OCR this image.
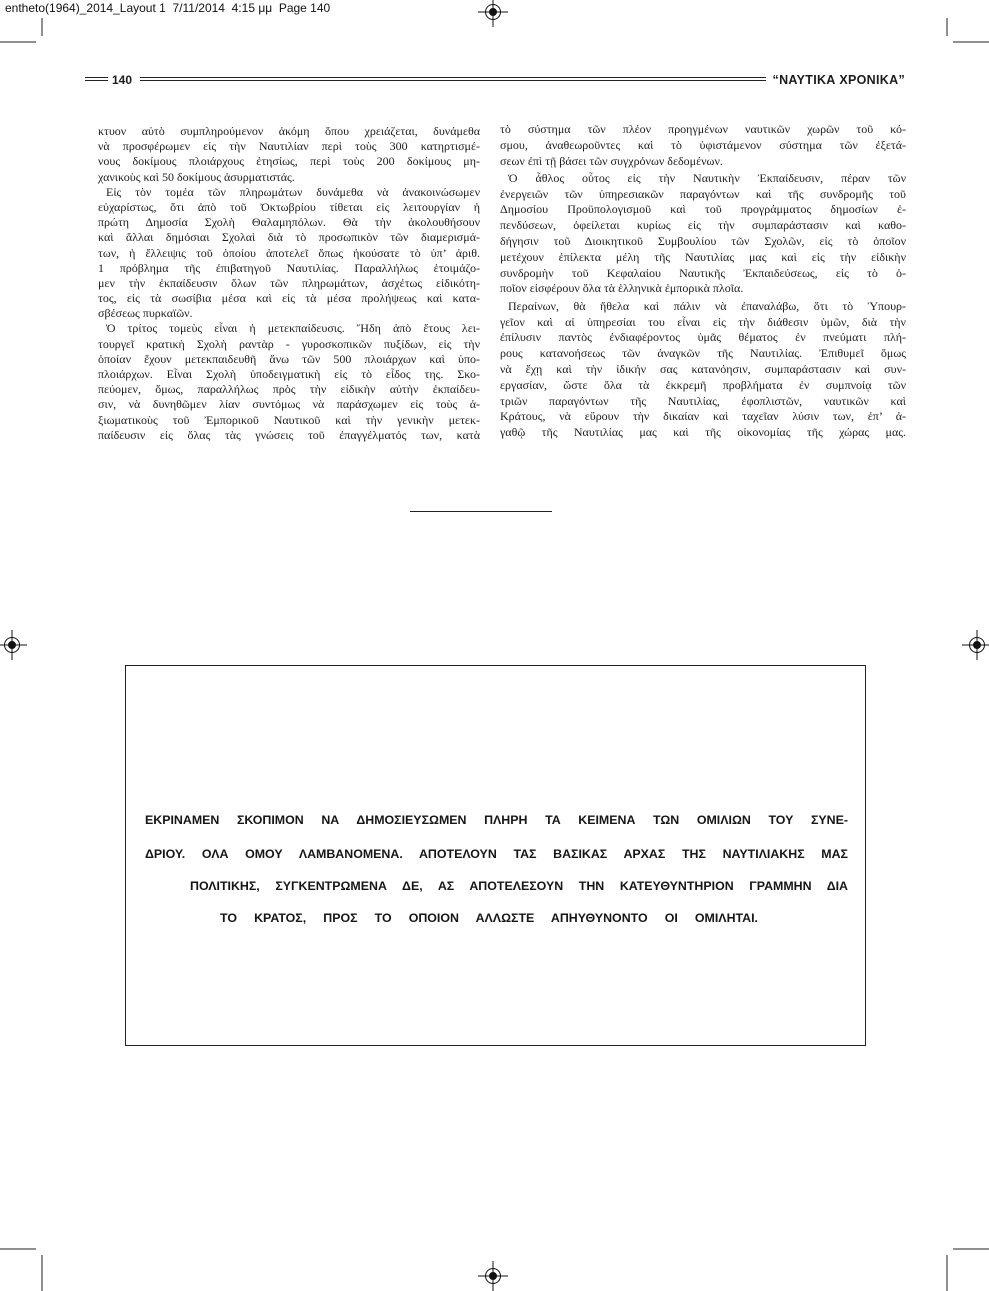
entheto(1964)_2014_Layout 1  7/11/2014  4:15 μμ  Page 140
140	“ΝΑΥΤΙΚΑ ΧΡΟΝΙΚΑ”
κτυον αὐτὸ συμπληρούμενον ἀκόμη ὅπου χρειάζεται, δυνάμεθα
νὰ προσφέρωμεν εἰς τὴν Ναυτιλίαν περὶ τοὺς 300 κατηρτισμέ-
νους δοκίμους πλοιάρχους ἐτησίως, περὶ τοὺς 200 δοκίμους μη-
χανικοὺς καὶ 50 δοκίμους ἀσυρματιστάς.
Εἰς τὸν τομέα τῶν πληρωμάτων δυνάμεθα νὰ ἀνακοινώσωμεν
εὐχαρίστως, ὅτι ἀπὸ τοῦ Ὀκτωβρίου τίθεται εἰς λειτουργίαν ἡ
πρώτη Δημοσία Σχολὴ Θαλαμηπόλων. Θὰ τὴν ἀκολουθήσουν
καὶ ἄλλαι δημόσιαι Σχολαὶ διὰ τὸ προσωπικὸν τῶν διαμερισμά-
των, ἡ ἔλλειψις τοῦ ὁποίου ἀποτελεῖ ὅπως ἠκούσατε τὸ ὑπ’ ἀριθ.
1 πρόβλημα τῆς ἐπιβατηγοῦ Ναυτιλίας. Παραλλήλως ἑτοιμάζο-
μεν τὴν ἐκπαίδευσιν ὅλων τῶν πληρωμάτων, ἀσχέτως εἰδικότη-
τος, εἰς τὰ σωσίβια μέσα καὶ εἰς τὰ μέσα προλήψεως καὶ κατα-
σβέσεως πυρκαϊῶν.
Ὁ τρίτος τομεὺς εἶναι ἡ μετεκπαίδευσις. Ἤδη ἀπὸ ἔτους λει-
τουργεῖ κρατικὴ Σχολὴ ραντὰρ - γυροσκοπικῶν πυξίδων, εἰς τὴν
ὁποίαν ἔχουν μετεκπαιδευθῆ ἄνω τῶν 500 πλοιάρχων καὶ ὑπο-
πλοιάρχων. Εἶναι Σχολὴ ὑποδειγματικὴ εἰς τὸ εἶδος της. Σκο-
πεύομεν, ὅμως, παραλλήλως πρὸς τὴν εἰδικὴν αὐτὴν ἐκπαίδευ-
σιν, νὰ δυνηθῶμεν λίαν συντόμως νὰ παράσχωμεν εἰς τοὺς ἀ-
ξιωματικοὺς τοῦ Ἐμπορικοῦ Ναυτικοῦ καὶ τὴν γενικὴν μετεκ-
παίδευσιν εἰς ὅλας τὰς γνώσεις τοῦ ἐπαγγέλματός των, κατὰ
τὸ σύστημα τῶν πλέον προηγμένων ναυτικῶν χωρῶν τοῦ κό-
σμου, ἀναθεωροῦντες καὶ τὸ ὑφιστάμενον σύστημα τῶν ἐξετά-
σεων ἐπὶ τῇ βάσει τῶν συγχρόνων δεδομένων.
Ὁ ἆθλος οὗτος εἰς τὴν Ναυτικὴν Ἐκπαίδευσιν, πέραν τῶν
ἐνεργειῶν τῶν ὑπηρεσιακῶν παραγόντων καὶ τῆς συνδρομῆς τοῦ
Δημοσίου Προϋπολογισμοῦ καὶ τοῦ προγράμματος δημοσίων ἐ-
πενδύσεων, ὀφείλεται κυρίως εἰς τὴν συμπαράστασιν καὶ καθο-
δήγησιν τοῦ Διοικητικοῦ Συμβουλίου τῶν Σχολῶν, εἰς τὸ ὁποῖον
μετέχουν ἐπίλεκτα μέλη τῆς Ναυτιλίας μας καὶ εἰς τὴν εἰδικὴν
συνδρομὴν τοῦ Κεφαλαίου Ναυτικῆς Ἐκπαιδεύσεως, εἰς τὸ ὁ-
ποῖον εἰσφέρουν ὅλα τὰ ἑλληνικὰ ἐμπορικὰ πλοῖα.
Περαίνων, θὰ ἤθελα καὶ πάλιν νὰ ἐπαναλάβω, ὅτι τὸ Ὑπουρ-
γεῖον καὶ αἱ ὑπηρεσίαι του εἶναι εἰς τὴν διάθεσιν ὑμῶν, διὰ τὴν
ἐπίλυσιν παντὸς ἐνδιαφέροντος ὑμᾶς θέματος ἐν πνεύματι πλή-
ρους κατανοήσεως τῶν ἀναγκῶν τῆς Ναυτιλίας. Ἐπιθυμεῖ ὅμως
νὰ ἔχῃ καὶ τὴν ἰδικήν σας κατανόησιν, συμπαράστασιν καὶ συν-
εργασίαν, ὥστε ὅλα τὰ ἐκκρεμῆ προβλήματα ἐν συμπνοίᾳ τῶν
τριῶν παραγόντων τῆς Ναυτιλίας, ἐφοπλιστῶν, ναυτικῶν καὶ
Κράτους, νὰ εὕρουν τὴν δικαίαν καὶ ταχεῖαν λύσιν των, ἐπ’ ἀ-
γαθῷ τῆς Ναυτιλίας μας καὶ τῆς οἰκονομίας τῆς χώρας μας.
ΕΚΡΙΝΑΜΕΝ ΣΚΟΠΙΜΟΝ ΝΑ ΔΗΜΟΣΙΕΥΣΩΜΕΝ ΠΛΗΡΗ ΤΑ ΚΕΙΜΕΝΑ ΤΩΝ ΟΜΙΛΙΩΝ ΤΟΥ ΣΥΝΕ-
ΔΡΙΟΥ. ΟΛΑ ΟΜΟΥ ΛΑΜΒΑΝΟΜΕΝΑ. ΑΠΟΤΕΛΟΥΝ ΤΑΣ ΒΑΣΙΚΑΣ ΑΡΧΑΣ ΤΗΣ ΝΑΥΤΙΛΙΑΚΗΣ ΜΑΣ
ΠΟΛΙΤΙΚΗΣ, ΣΥΓΚΕΝΤΡΩΜΕΝΑ ΔΕ, ΑΣ ΑΠΟΤΕΛΕΣΟΥΝ ΤΗΝ ΚΑΤΕΥΘΥΝΤΗΡΙΟΝ ΓΡΑΜΜΗΝ ΔΙΑ
ΤΟ ΚΡΑΤΟΣ, ΠΡΟΣ ΤΟ ΟΠΟΙΟΝ ΑΛΛΩΣΤΕ ΑΠΗΥΘΥΝΟΝΤΟ ΟΙ ΟΜΙΛΗΤΑΙ.
